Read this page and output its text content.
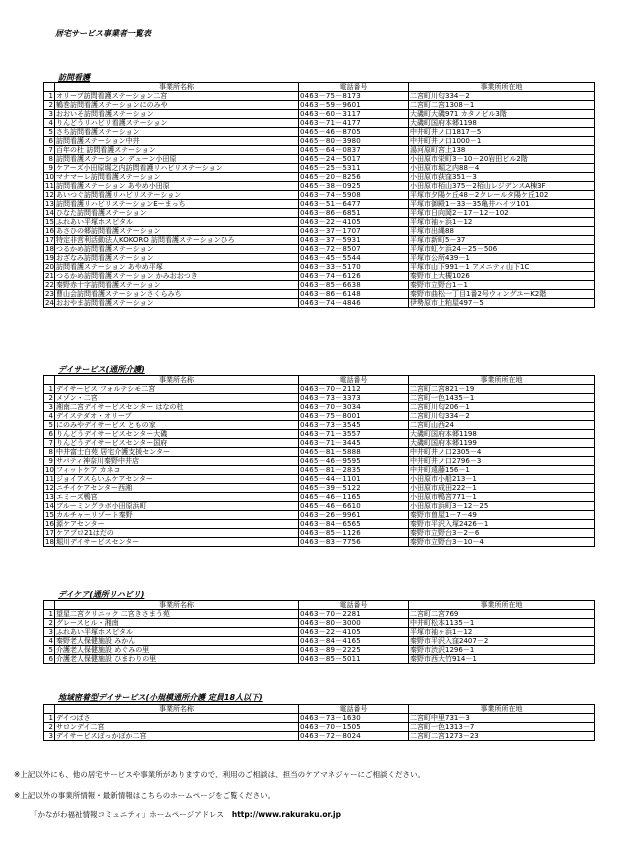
居宅サービス事業者一覧表
訪問看護
	事業所名称	電話番号	事業所所在地
1	オリーブ訪問看護ステーション二宮	0463－75－8173	二宮町川匂334－2
2	鶴巻訪問看護ステーションにのみや	0463－59－9601	二宮町二宮1308－1
3	おおいそ訪問看護ステーション	0463－60－3117	大磯町大磯971 カタノビル3階
4	りんどうリハビリ看護ステーション	0463－71－4177	大磯町国府本郷1198
5	さち訪問看護ステーション	0465－46－8705	中井町井ノ口1817－5
6	訪問看護ステーション中井	0465－80－3980	中井町井ノ口1000－1
7	百年の杜 訪問看護ステーション	0465－64－0837	湯河原町宮上138
8	訪問看護ステーション デューン小田原	0465－24－5017	小田原市栄町3－10－20岩田ビル2階
9	ケアーズ小田原堀之内訪問看護リハビリステーション	0465－25－5311	小田原市堀之内88－4
10	マナマーレ訪問看護ステーション	0465－20－8256	小田原市荻窪351－3
11	訪問看護ステーション あやめ小田原	0465－38－0925	小田原市栢山375－2栢山レジデンスA棟3F
12	あいつぐ訪問看護リハビリステーション	0463－74－5908	平塚市夕陽ケ丘48－2クレールタ陽ケ丘102
13	訪問看護リハビリステーションEーまっち	0463－51－6477	平塚市御殿1－33－35亀井ハイツ101
14	ひなた訪問看護ステーション	0463－86－6851	平塚市日向岡2－17－12－102
15	ふれあい平塚ホスピタル	0463－22－4105	平塚市袖ヶ浜1－12
16	あさひの郷訪問看護ステーション	0463－37－1707	平塚市出縄88
17	特定非営利活動法人KOKORO 訪問看護ステーションひろ	0463－37－5931	平塚市新町5－37
18	つるかめ訪問看護ステーション	0463－72－8507	平塚市虹ケ浜24－25－506
19	おざなみ訪問看護ステーション	0463－45－5544	平塚市公所439－1
20	訪問看護ステーション あやめ平塚	0463－33－5170	平塚市山下991－1 アメニティ山下1C
21	つるかめ訪問看護ステーション かみおおつき	0463－74－6126	秦野市上大槻1026
22	秦野赤十字訪問看護ステーション	0463－85－6638	秦野市立野台1－1
23	曹山会訪問看護ステーションさくらみち	0463－86－6148	秦野市曲松一丁目1番2号ウィングユーK2階
24	おおやま訪問看護ステーション	0463－74－4846	伊勢原市上粕屋497－5
デイサービス(通所介護)
	事業所名称	電話番号	事業所所在地
1	デイサービス フォルテシモ二宮	0463－70－2112	二宮町二宮821－19
2	メゾン・二宮	0463－73－3373	二宮町一色1435－1
3	湘南二宮デイサービスセンター はなの杜	0463－70－3034	二宮町川匂206－1
4	デイステダオ・オリーブ	0463－75－8001	二宮町川匂334－2
5	にのみやデイサービス ともの家	0463－73－3545	二宮町山西24
6	りんどうデイサービスセンター大磯	0463－71－3557	大磯町国府本郷1198
7	りんどうデイサービスセンター国府	0463－71－3445	大磯町国府本郷1199
8	中井富士白苑 居宅介護支援センター	0465－81－5888	中井町井ノ口2305－4
9	サバティ神奈川秦野中井店	0465－46－9595	中井町井ノ口2796－3
10	フィットケア カネコ	0465－81－2835	中井町遠藤156－1
11	ジョイアスらいふケアセンター	0465－44－1101	小田原市小船213－1
12	ニチイケアセンター西湘	0465－39－5122	小田原市成田222－1
13	エミーズ鴨宮	0465－46－1165	小田原市鴨宮771－1
14	ブルーミングラボ小田原浜町	0465－46－6610	小田原市浜町3－12－25
15	カルチャーリゾート秦野	0463－26－9961	秦野市曽屋1－7－49
16	源ケアセンター	0463－84－6565	秦野市平沢入塚2426－1
17	ケアプロ21はだの	0463－85－1126	秦野市立野台3－2－6
18	堀川デイサービスセンター	0463－83－7756	秦野市立野台3－10－4
デイケア(通所リハビリ)
	事業所名称	電話番号	事業所所在地
1	望星二宮クリニック 二宮きさまう苑	0463－70－2281	二宮町二宮769
2	グレースヒル・湘南	0463－80－3000	中井町松本1135－1
3	ふれあい平塚ホスピタル	0463－22－4105	平塚市袖ヶ浜1－12
4	秦野老人保健施設 みかん	0463－84－4165	秦野市平沢入窪2407－2
5	介護老人保健施設 めぐみの里	0463－89－2225	秦野市渋沢1296－1
6	介護老人保健施設 ひまわりの里	0463－85－5011	秦野市西大竹914－1
地域密着型デイサービス(小規模通所介護 定員18人以下)
	事業所名称	電話番号	事業所所在地
1	デイつばさ	0463－73－1630	二宮町中里731－3
2	サロンデイ二宮	0463－70－1505	二宮町一色1313－7
3	デイサービスぽっかぽか二宮	0463－72－8024	二宮町二宮1273－23
※上記以外にも、他の居宅サービスや事業所がありますので、利用のご相談は、担当のケアマネジャーにご相談ください。
※上記以外の事業所情報・最新情報はこちらのホームページをご覧ください。
「かながわ福祉情報コミュニティ」ホームページアドレス http://www.rakuraku.or.jp
